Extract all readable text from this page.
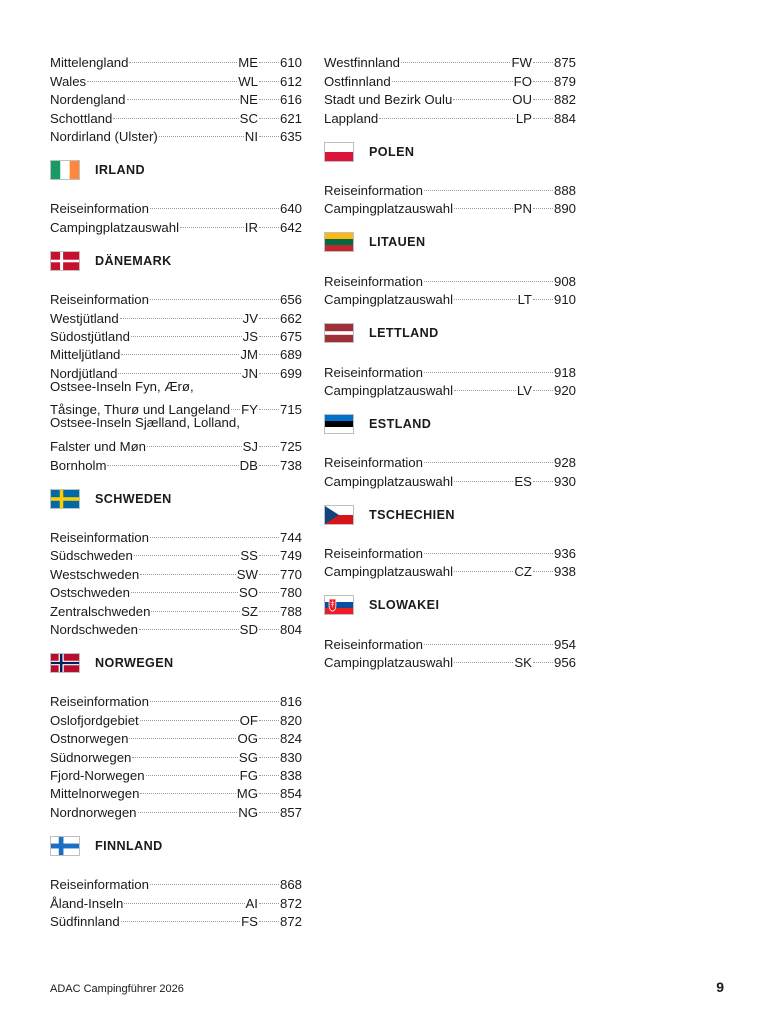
Mittelengland	ME 610
Wales	WL 612
Nordengland	NE 616
Schottland	SC 621
Nordirland (Ulster)	NI 635
IRLAND
Reiseinformation	640
Campingplatzauswahl	IR 642
DÄNEMARK
Reiseinformation	656
Westjütland	JV 662
Südostjütland	JS 675
Mitteljütland	JM 689
Nordjütland	JN 699
Ostsee-Inseln Fyn, Ærø,
Tåsinge, Thurø und Langeland FY 715
Ostsee-Inseln Sjælland, Lolland,
Falster und Møn	SJ 725
Bornholm	DB 738
SCHWEDEN
Reiseinformation	744
Südschweden	SS 749
Westschweden	SW 770
Ostschweden	SO 780
Zentralschweden	SZ 788
Nordschweden	SD 804
NORWEGEN
Reiseinformation	816
Oslofjordgebiet	OF 820
Ostnorwegen	OG 824
Südnorwegen	SG 830
Fjord-Norwegen	FG 838
Mittelnorwegen	MG 854
Nordnorwegen	NG 857
FINNLAND
Reiseinformation	868
Åland-Inseln	AI 872
Südfinnland	FS 872
Westfinnland	FW 875
Ostfinnland	FO 879
Stadt und Bezirk Oulu	OU 882
Lappland	LP 884
POLEN
Reiseinformation	888
Campingplatzauswahl	PN 890
LITAUEN
Reiseinformation	908
Campingplatzauswahl	LT 910
LETTLAND
Reiseinformation	918
Campingplatzauswahl	LV 920
ESTLAND
Reiseinformation	928
Campingplatzauswahl	ES 930
TSCHECHIEN
Reiseinformation	936
Campingplatzauswahl	CZ 938
SLOWAKEI
Reiseinformation	954
Campingplatzauswahl	SK 956
ADAC Campingführer 2026	9
